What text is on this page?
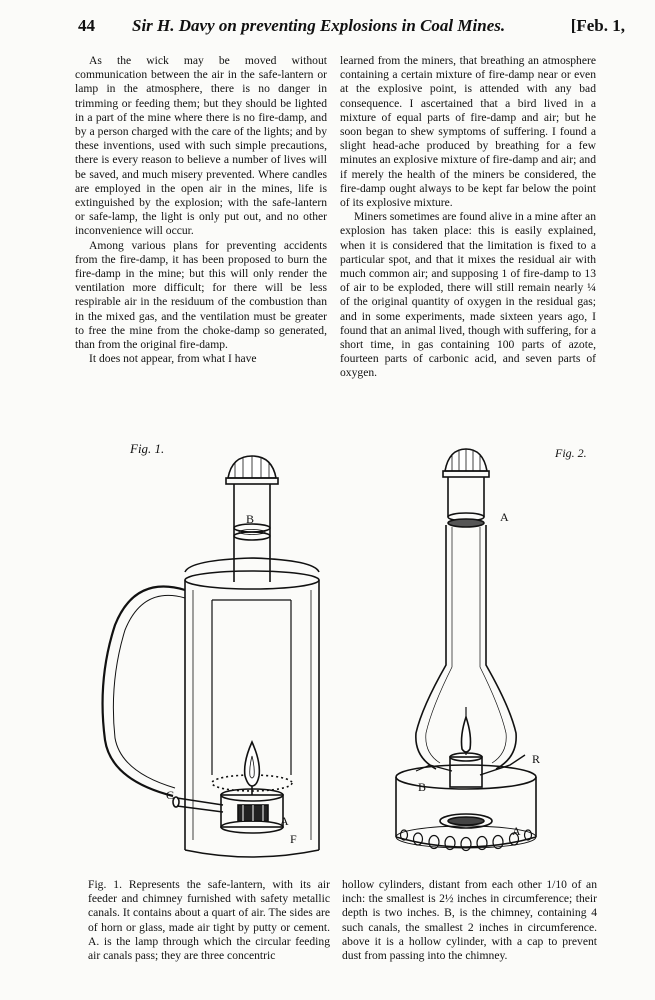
44 Sir H. Davy on preventing Explosions in Coal Mines.	[Feb. 1,

As the wick may be moved without communication between the air in the safe-lantern or lamp in the atmosphere, there is no danger in trimming or feeding them; but they should be lighted in a part of the mine where there is no fire-damp, and by a person charged with the care of the lights; and by these inventions, used with such simple precautions, there is every reason to believe a number of lives will be saved, and much misery prevented. Where candles are employed in the open air in the mines, life is extinguished by the explosion; with the safe-lantern or safe-lamp, the light is only put out, and no other inconvenience will occur.

Among various plans for preventing accidents from the fire-damp, it has been proposed to burn the fire-damp in the mine; but this will only render the ventilation more difficult; for there will be less respirable air in the residuum of the combustion than in the mixed gas, and the ventilation must be greater to free the mine from the choke-damp so generated, than from the original fire-damp.

It does not appear, from what I have

learned from the miners, that breathing an atmosphere containing a certain mixture of fire-damp near or even at the explosive point, is attended with any bad consequence. I ascertained that a bird lived in a mixture of equal parts of fire-damp and air; but he soon began to shew symptoms of suffering. I found a slight head-ache produced by breathing for a few minutes an explosive mixture of fire-damp and air; and if merely the health of the miners be considered, the fire-damp ought always to be kept far below the point of its explosive mixture.

Miners sometimes are found alive in a mine after an explosion has taken place: this is easily explained, when it is considered that the limitation is fixed to a particular spot, and that it mixes the residual air with much common air; and supposing 1 of fire-damp to 13 of air to be exploded, there will still remain nearly ¼ of the original quantity of oxygen in the residual gas; and in some experiments, made sixteen years ago, I found that an animal lived, though with suffering, for a short time, in gas containing 100 parts of azote, fourteen parts of carbonic acid, and seven parts of oxygen.

Fig. 1.	Fig. 2.
B
C
A
F
A
B
R
A

Fig. 1. Represents the safe-lantern, with its air feeder and chimney furnished with safety metallic canals. It contains about a quart of air. The sides are of horn or glass, made air tight by putty or cement. A. is the lamp through which the circular feeding air canals pass; they are three concentric

hollow cylinders, distant from each other 1/10 of an inch: the smallest is 2½ inches in circumference; their depth is two inches. B, is the chimney, containing 4 such canals, the smallest 2 inches in circumference. above it is a hollow cylinder, with a cap to prevent dust from passing into the chimney.
